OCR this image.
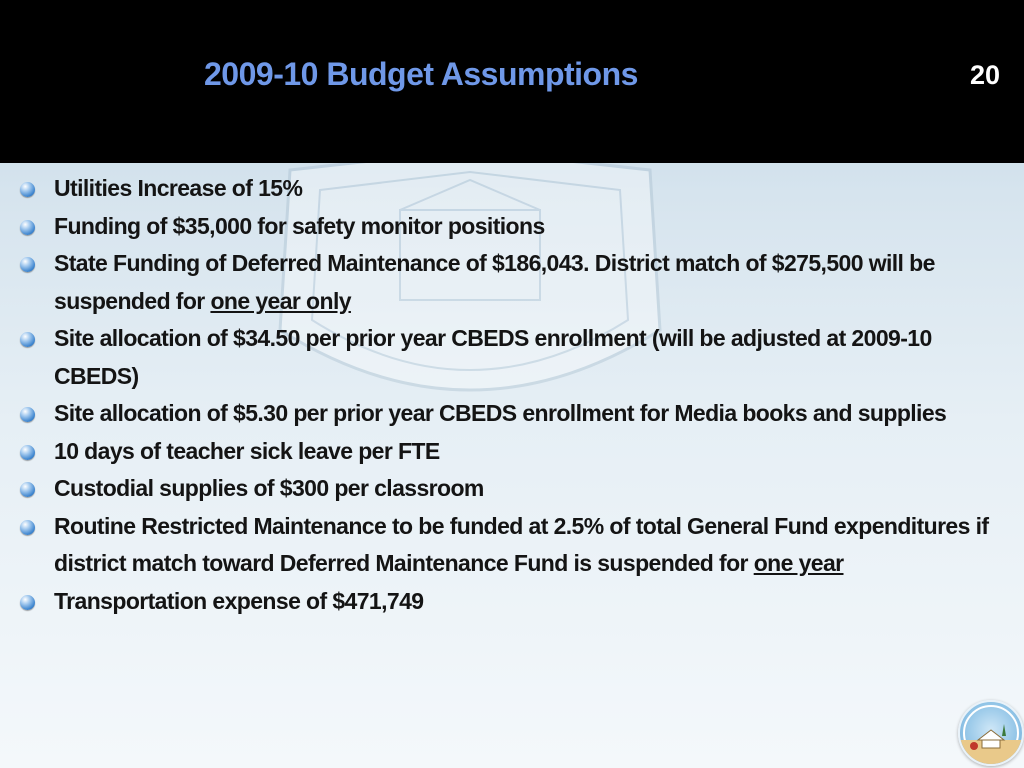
2009-10 Budget Assumptions	20
Utilities Increase of 15%
Funding of $35,000 for safety monitor positions
State Funding of Deferred Maintenance of $186,043. District match of $275,500 will be suspended for one year only
Site allocation of $34.50 per prior year CBEDS enrollment (will be adjusted at 2009-10 CBEDS)
Site allocation of $5.30 per prior year CBEDS enrollment for Media books and supplies
10 days of teacher sick leave per FTE
Custodial supplies of $300 per classroom
Routine Restricted Maintenance to be funded at 2.5% of total General Fund expenditures if district match toward Deferred Maintenance Fund is suspended for one year
Transportation expense of $471,749
